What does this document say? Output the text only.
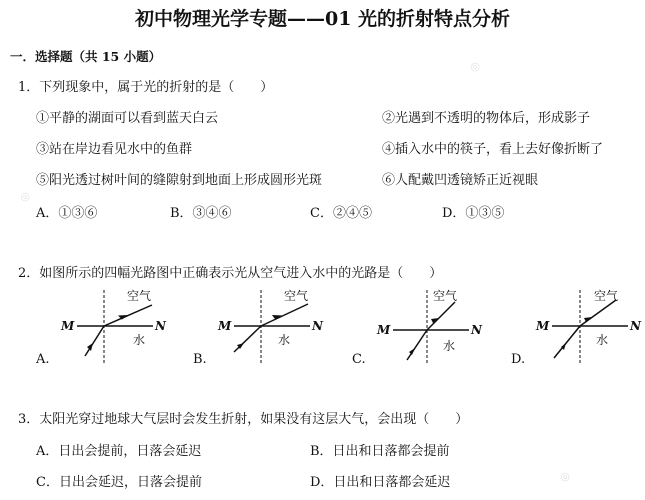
◎
◎
◎
初中物理光学专题——01 光的折射特点分析
一．选择题（共 15 小题）
1．下列现象中，属于光的折射的是（　　）
①平静的湖面可以看到蓝天白云	②光遇到不透明的物体后，形成影子
③站在岸边看见水中的鱼群	④插入水中的筷子，看上去好像折断了
⑤阳光透过树叶间的缝隙射到地面上形成圆形光斑	⑥人配戴凹透镜矫正近视眼
A．①③⑥	B．③④⑥	C．②④⑤	D．①③⑤
2．如图所示的四幅光路图中正确表示光从空气进入水中的光路是（　　）
空气
水
M	N
A.
空气
水
M	N
B.
空气
水
M	N
C.
空气
水
M	N
D.
3．太阳光穿过地球大气层时会发生折射，如果没有这层大气，会出现（　　）
A．日出会提前，日落会延迟	B．日出和日落都会提前
C．日出会延迟，日落会提前	D．日出和日落都会延迟
